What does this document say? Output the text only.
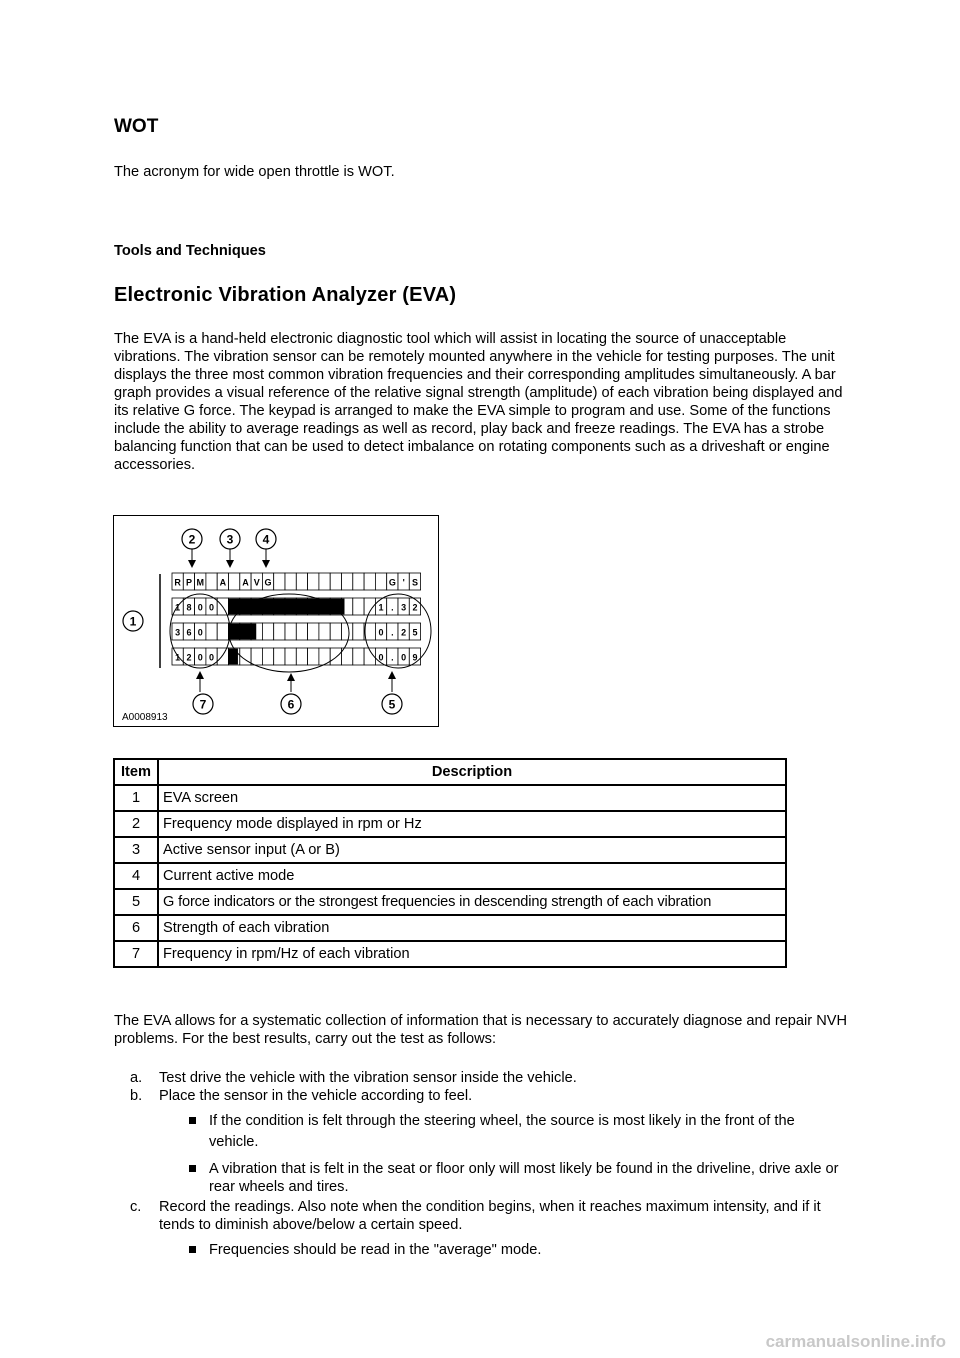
WOT

The acronym for wide open throttle is WOT.

Tools and Techniques
Electronic Vibration Analyzer (EVA)

The EVA is a hand-held electronic diagnostic tool which will assist in locating the source of unacceptable vibrations. The vibration sensor can be remotely mounted anywhere in the vehicle for testing purposes. The unit displays the three most common vibration frequencies and their corresponding amplitudes simultaneously. A bar graph provides a visual reference of the relative signal strength (amplitude) of each vibration being displayed and its relative G force. The keypad is arranged to make the EVA simple to program and use. Some of the functions include the ability to average readings as well as record, play back and freeze readings. The EVA has a strobe balancing function that can be used to detect imbalance on rotating components such as a driveshaft or engine accessories.

1
2	3 4
R P M A A V G	G ' S
1 8 0 0	1 . 3 2
3 6 0	0 . 2 5
1 2 0 0	0 . 0 9
7	6	5
A0008913
Item	Description
1	EVA screen
2	Frequency mode displayed in rpm or Hz
3	Active sensor input (A or B)
4	Current active mode
5	G force indicators or the strongest frequencies in descending strength of each vibration
6	Strength of each vibration
7	Frequency in rpm/Hz of each vibration

The EVA allows for a systematic collection of information that is necessary to accurately diagnose and repair NVH problems. For the best results, carry out the test as follows:

a. Test drive the vehicle with the vibration sensor inside the vehicle.
b. Place the sensor in the vehicle according to feel.
If the condition is felt through the steering wheel, the source is most likely in the front of the vehicle.
A vibration that is felt in the seat or floor only will most likely be found in the driveline, drive axle or rear wheels and tires.
c. Record the readings. Also note when the condition begins, when it reaches maximum intensity, and if it tends to diminish above/below a certain speed.
Frequencies should be read in the "average" mode.
carmanualsonline.info
